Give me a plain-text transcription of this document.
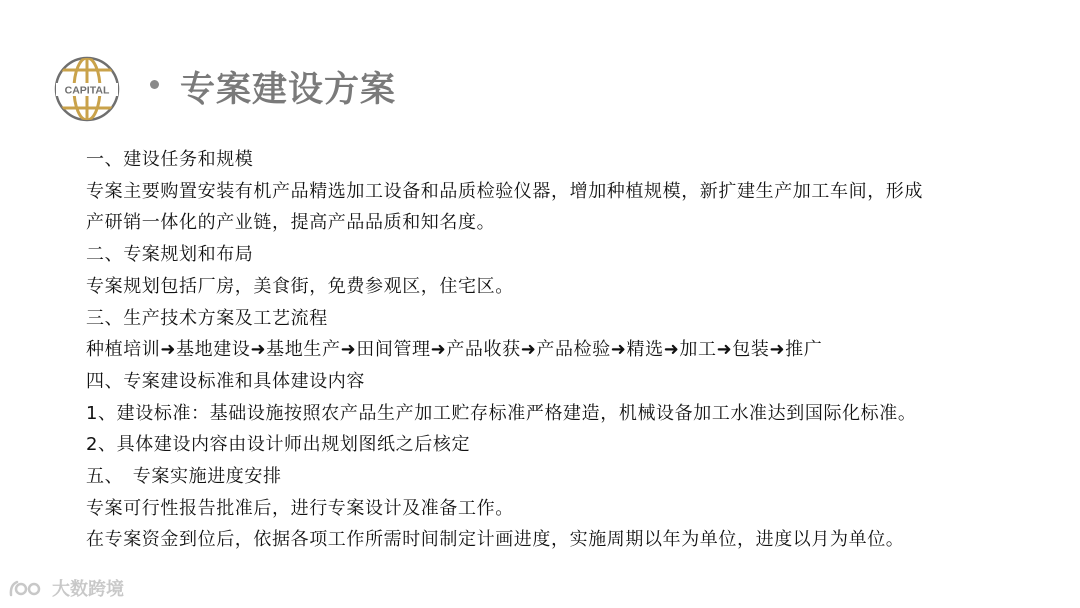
CAPITAL 专案建设方案
一、建设任务和规模
专案主要购置安装有机产品精选加工设备和品质检验仪器，增加种植规模，新扩建生产加工车间，形成
产研销一体化的产业链，提高产品品质和知名度。
二、专案规划和布局
专案规划包括厂房，美食街，免费参观区，住宅区。
三、生产技术方案及工艺流程
种植培训➜基地建设➜基地生产➜田间管理➜产品收获➜产品检验➜精选➜加工➜包装➜推广
四、专案建设标准和具体建设内容
1、建设标准：基础设施按照农产品生产加工贮存标准严格建造，机械设备加工水准达到国际化标准。
2、具体建设内容由设计师出规划图纸之后核定
五、　专案实施进度安排
专案可行性报告批准后，进行专案设计及准备工作。
在专案资金到位后，依据各项工作所需时间制定计画进度，实施周期以年为单位，进度以月为单位。
大数跨境
